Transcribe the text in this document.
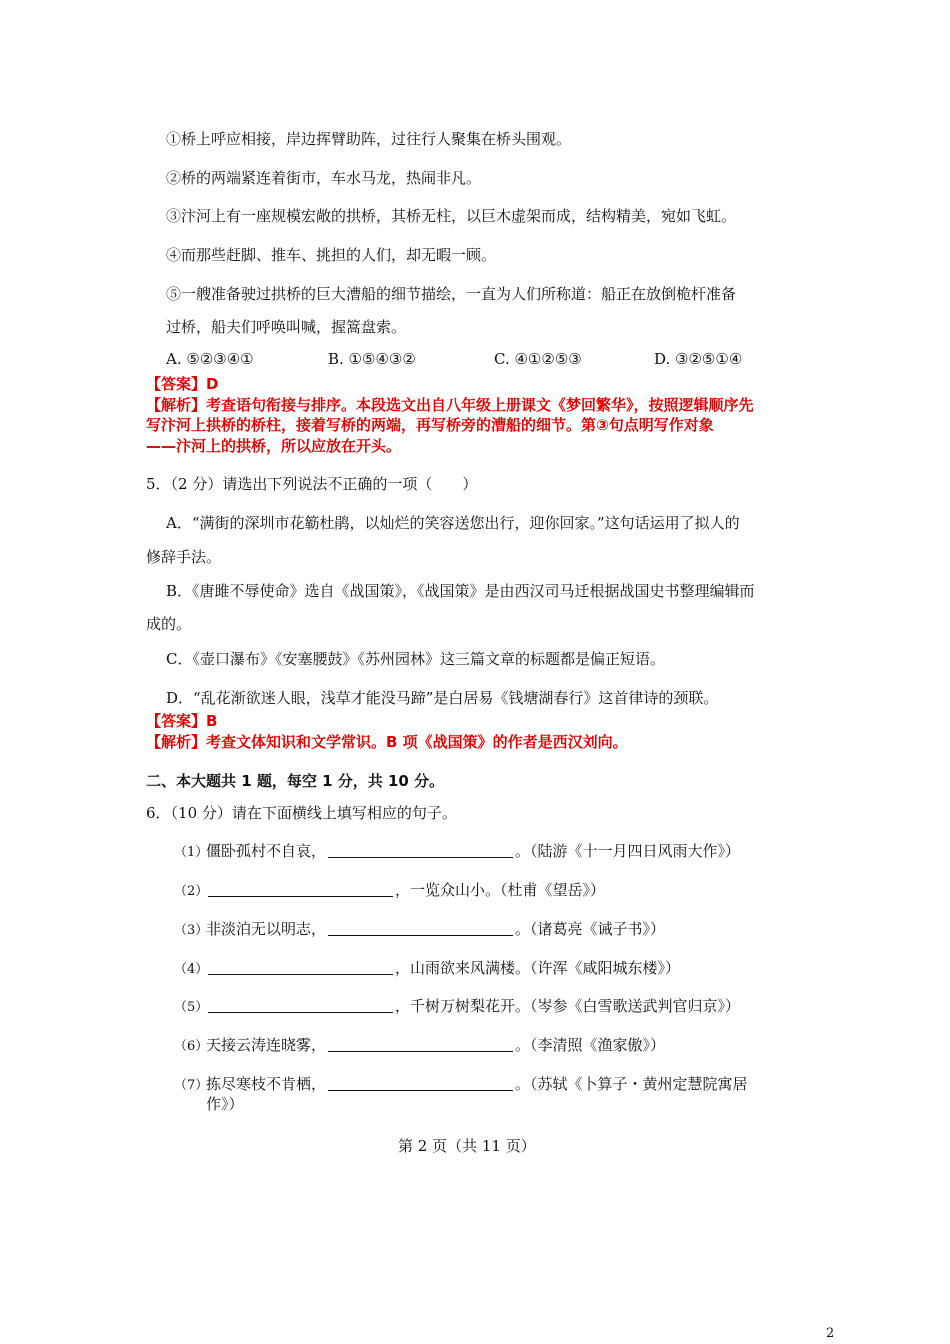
①桥上呼应相接，岸边挥臂助阵，过往行人聚集在桥头围观。
②桥的两端紧连着街市，车水马龙，热闹非凡。
③汴河上有一座规模宏敞的拱桥，其桥无柱，以巨木虚架而成，结构精美，宛如飞虹。
④而那些赶脚、推车、挑担的人们，却无暇一顾。
⑤一艘准备驶过拱桥的巨大漕船的细节描绘，一直为人们所称道：船正在放倒桅杆准备
过桥，船夫们呼唤叫喊，握篙盘索。
A. ⑤②③④①	B. ①⑤④③②	C. ④①②⑤③	D. ③②⑤①④
【答案】D
【解析】考查语句衔接与排序。本段选文出自八年级上册课文《梦回繁华》，按照逻辑顺序先
写汴河上拱桥的桥柱，接着写桥的两端，再写桥旁的漕船的细节。第③句点明写作对象
——汴河上的拱桥，所以应放在开头。
5．（2 分）请选出下列说法不正确的一项（　　）
A．“满街的深圳市花簕杜鹃，以灿烂的笑容送您出行，迎你回家。”这句话运用了拟人的
修辞手法。
B．《唐雎不辱使命》选自《战国策》，《战国策》是由西汉司马迁根据战国史书整理编辑而
成的。
C．《壶口瀑布》《安塞腰鼓》《苏州园林》这三篇文章的标题都是偏正短语。
D．“乱花渐欲迷人眼，浅草才能没马蹄”是白居易《钱塘湖春行》这首律诗的颈联。
【答案】B
【解析】考查文体知识和文学常识。B 项《战国策》的作者是西汉刘向。
二、本大题共 1 题，每空 1 分，共 10 分。
6．（10 分）请在下面横线上填写相应的句子。
（1）僵卧孤村不自哀，	。（陆游《十一月四日风雨大作》）
（2）	，一览众山小。（杜甫《望岳》）
（3）非淡泊无以明志，	。（诸葛亮《诫子书》）
（4）	，山雨欲来风满楼。（许浑《咸阳城东楼》）
（5）	，千树万树梨花开。（岑参《白雪歌送武判官归京》）
（6）天接云涛连晓雾，	。（李清照《渔家傲》）
（7）拣尽寒枝不肯栖，	。（苏轼《卜算子・黄州定慧院寓居
作》）
第 2 页（共 11 页）
2
